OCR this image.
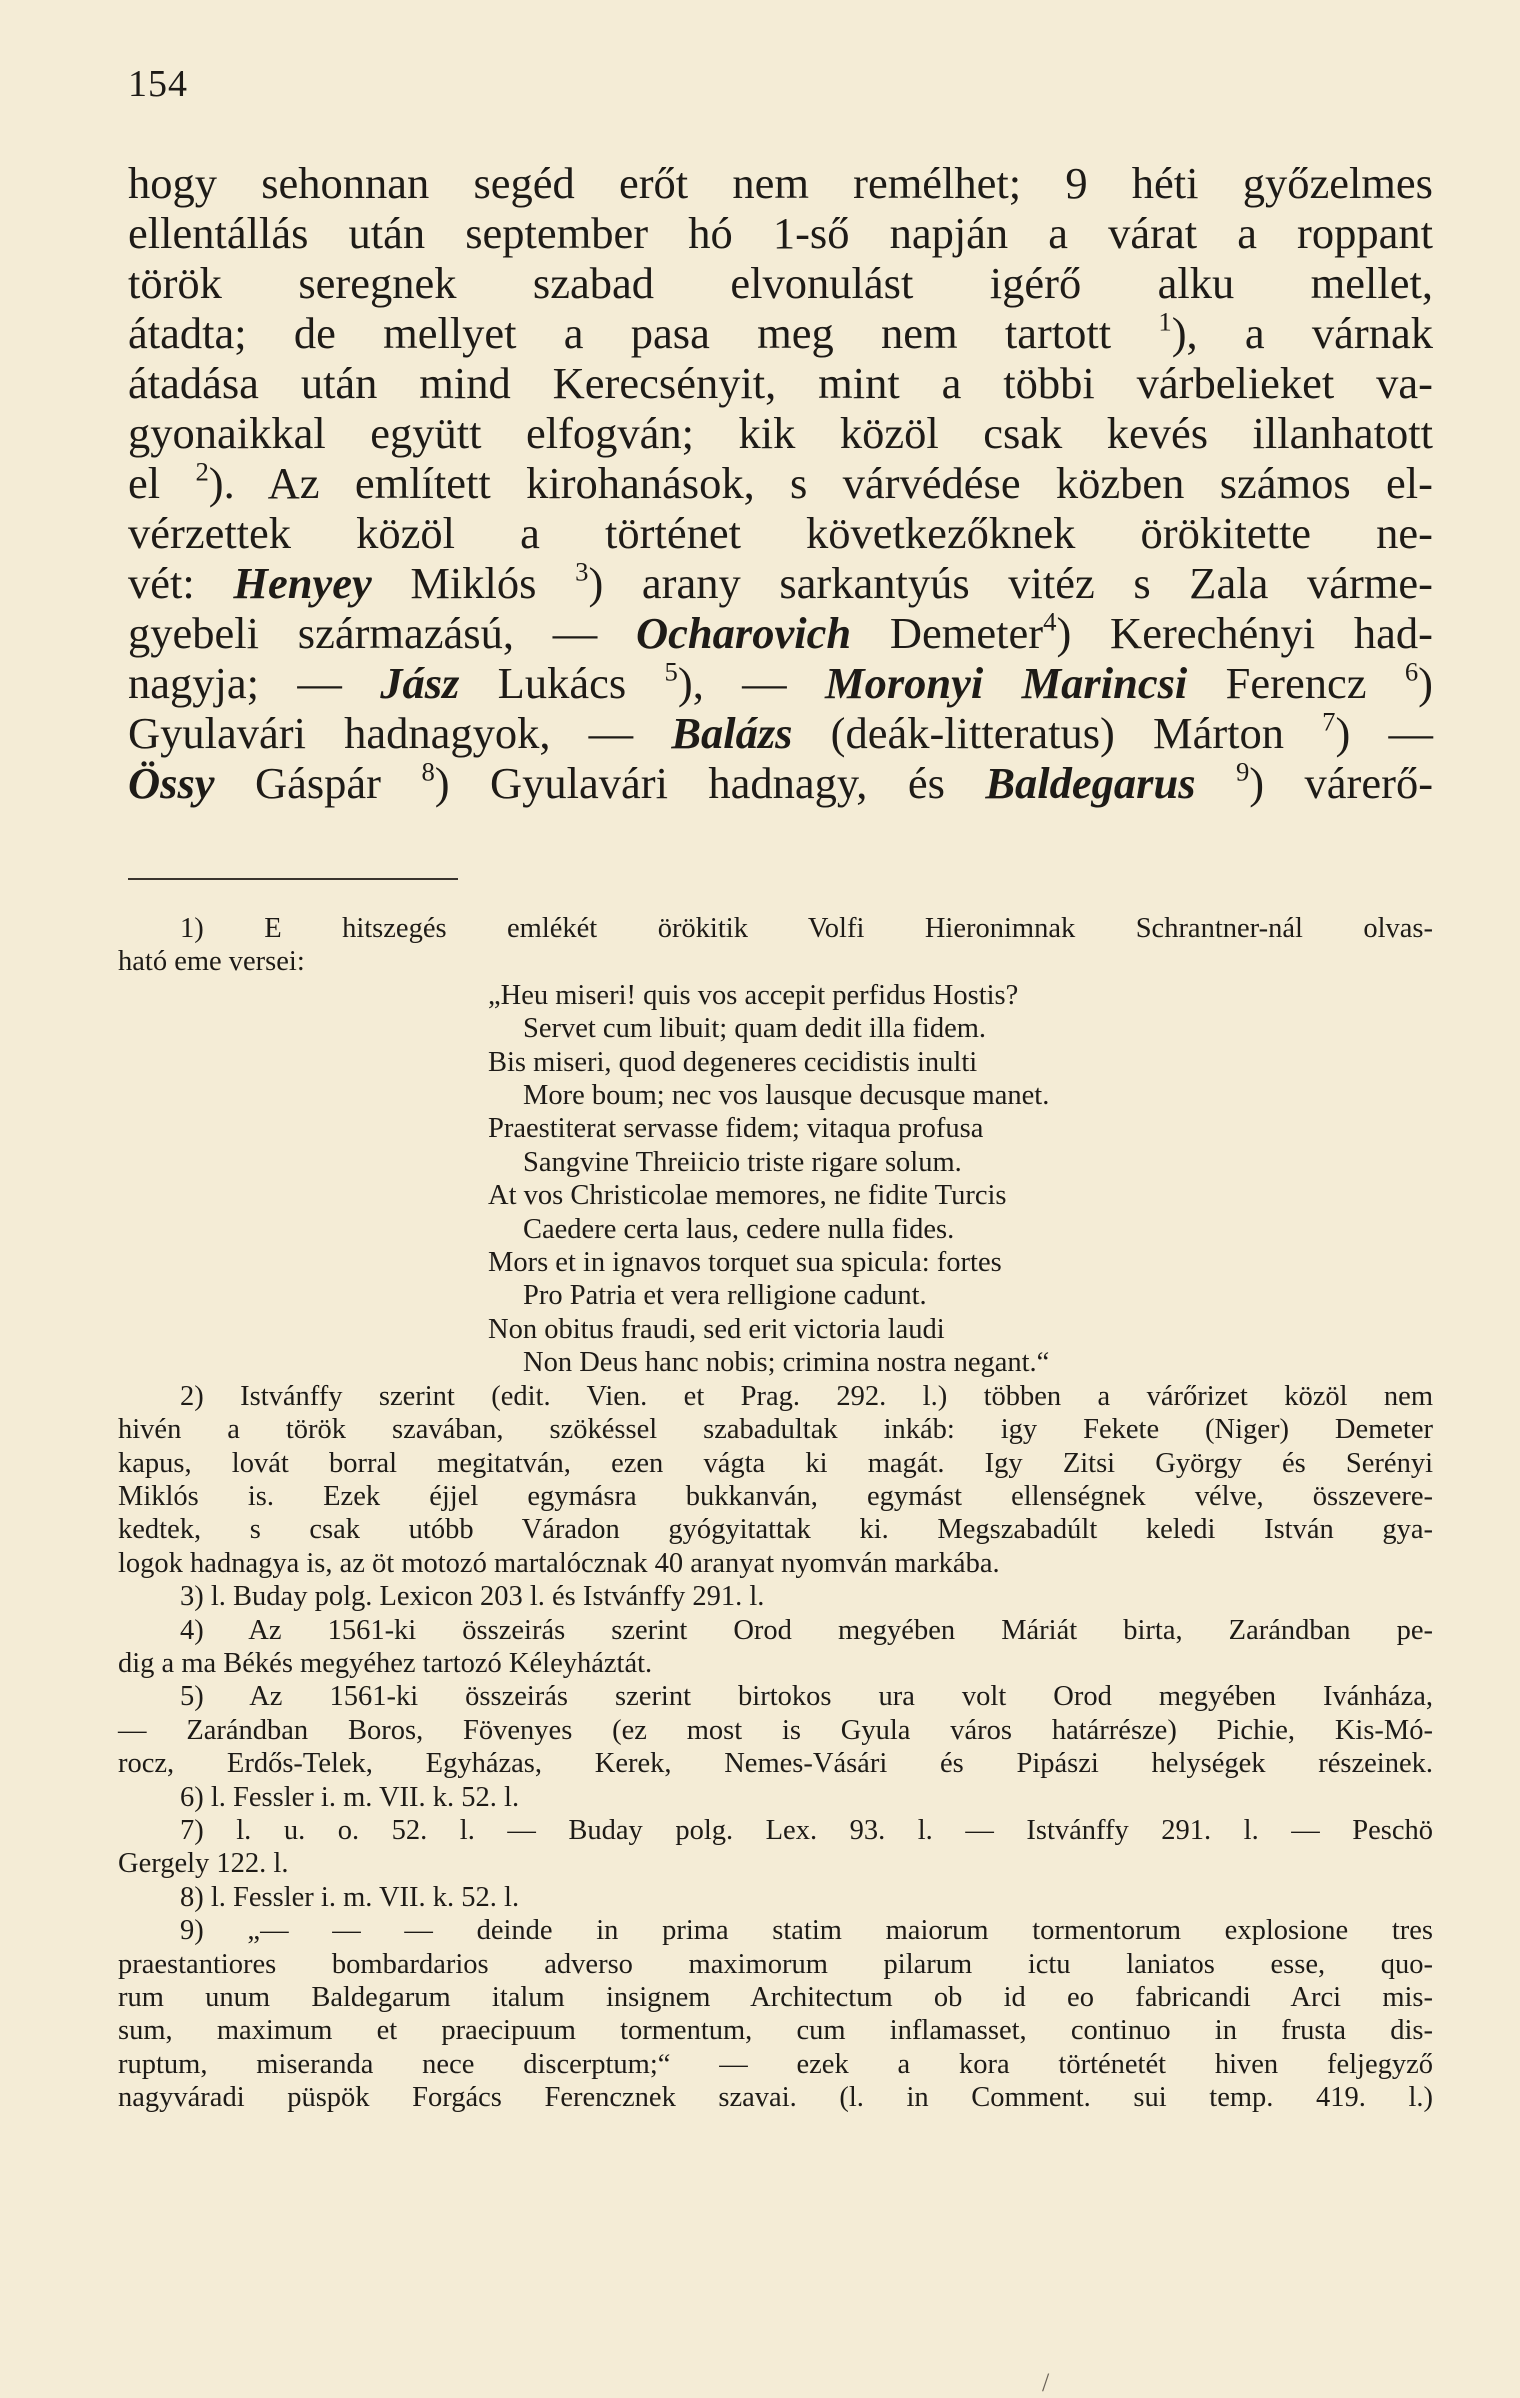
154
hogy sehonnan segéd erőt nem remélhet; 9 héti győzelmes
ellentállás után september hó 1-ső napján a várat a roppant
török seregnek szabad elvonulást igérő alku mellet,
átadta; de mellyet a pasa meg nem tartott $^1$), a várnak
átadása után mind Kerecsényit, mint a többi várbelieket va-
gyonaikkal együtt elfogván; kik közöl csak kevés illanhatott
el $^2$). Az említett kirohanások, s várvédése közben számos el-
vérzettek közöl a történet következőknek örökitette ne-
vét: Henyey Miklós $^3$) arany sarkantyús vitéz s Zala várme-
gyebeli származású, — Ocharovich Demeter$^4$) Kerechényi had-
nagyja; — Jász Lukács $^5$), — Moronyi Marincsi Ferencz $^6$)
Gyulavári hadnagyok, — Balázs (deák-litteratus) Márton $^7$) —
Össy Gáspár $^8$) Gyulavári hadnagy, és Baldegarus $^9$) várerő-
1) E hitszegés emlékét örökitik Volfi Hieronimnak Schrantner-nál olvas-
ható eme versei:
„Heu miseri! quis vos accepit perfidus Hostis?
Servet cum libuit; quam dedit illa fidem.
Bis miseri, quod degeneres cecidistis inulti
More boum; nec vos lausque decusque manet.
Praestiterat servasse fidem; vitaqua profusa
Sangvine Threiicio triste rigare solum.
At vos Christicolae memores, ne fidite Turcis
Caedere certa laus, cedere nulla fides.
Mors et in ignavos torquet sua spicula: fortes
Pro Patria et vera relligione cadunt.
Non obitus fraudi, sed erit victoria laudi
Non Deus hanc nobis; crimina nostra negant.“
2) Istvánffy szerint (edit. Vien. et Prag. 292. l.) többen a várőrizet közöl nem
hivén a török szavában, szökéssel szabadultak inkáb: igy Fekete (Niger) Demeter
kapus, lovát borral megitatván, ezen vágta ki magát. Igy Zitsi György és Serényi
Miklós is. Ezek éjjel egymásra bukkanván, egymást ellenségnek vélve, összevere-
kedtek, s csak utóbb Váradon gyógyitattak ki. Megszabadúlt keledi István gya-
logok hadnagya is, az öt motozó martalócznak 40 aranyat nyomván markába.
3) l. Buday polg. Lexicon 203 l. és Istvánffy 291. l.
4) Az 1561-ki összeirás szerint Orod megyében Máriát birta, Zarándban pe-
dig a ma Békés megyéhez tartozó Kéleyháztát.
5) Az 1561-ki összeirás szerint birtokos ura volt Orod megyében Ivánháza,
— Zarándban Boros, Fövenyes (ez most is Gyula város határrésze) Pichie, Kis-Mó-
rocz, Erdős-Telek, Egyházas, Kerek, Nemes-Vásári és Pipászi helységek részeinek.
6) l. Fessler i. m. VII. k. 52. l.
7) l. u. o. 52. l. — Buday polg. Lex. 93. l. — Istvánffy 291. l. — Peschö
Gergely 122. l.
8) l. Fessler i. m. VII. k. 52. l.
9) „— — — deinde in prima statim maiorum tormentorum explosione tres
praestantiores bombardarios adverso maximorum pilarum ictu laniatos esse, quo-
rum unum Baldegarum italum insignem Architectum ob id eo fabricandi Arci mis-
sum, maximum et praecipuum tormentum, cum inflamasset, continuo in frusta dis-
ruptum, miseranda nece discerptum;“ — ezek a kora történetét hiven feljegyző
nagyváradi püspök Forgács Ferencznek szavai. (l. in Comment. sui temp. 419. l.)
/
